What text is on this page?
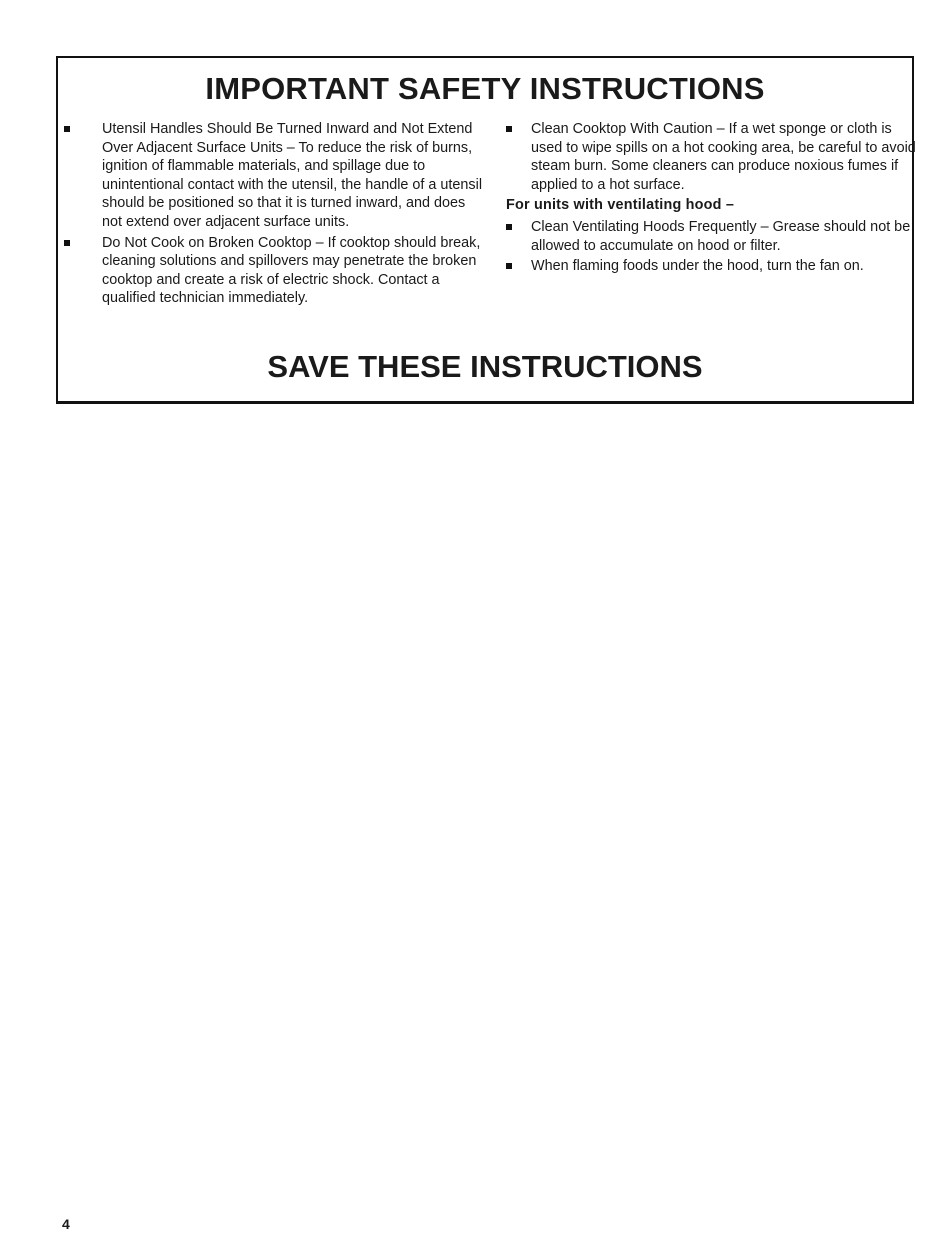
IMPORTANT SAFETY INSTRUCTIONS
Utensil Handles Should Be Turned Inward and Not Extend Over Adjacent Surface Units – To reduce the risk of burns, ignition of flammable materials, and spillage due to unintentional contact with the utensil, the handle of a utensil should be positioned so that it is turned inward, and does not extend over adjacent surface units.
Do Not Cook on Broken Cooktop – If cooktop should break, cleaning solutions and spillovers may penetrate the broken cooktop and create a risk of electric shock. Contact a qualified technician immediately.
Clean Cooktop With Caution – If a wet sponge or cloth is used to wipe spills on a hot cooking area, be careful to avoid steam burn. Some cleaners can produce noxious fumes if applied to a hot surface.
For units with ventilating hood –
Clean Ventilating Hoods Frequently – Grease should not be allowed to accumulate on hood or filter.
When flaming foods under the hood, turn the fan on.
SAVE THESE INSTRUCTIONS
4
